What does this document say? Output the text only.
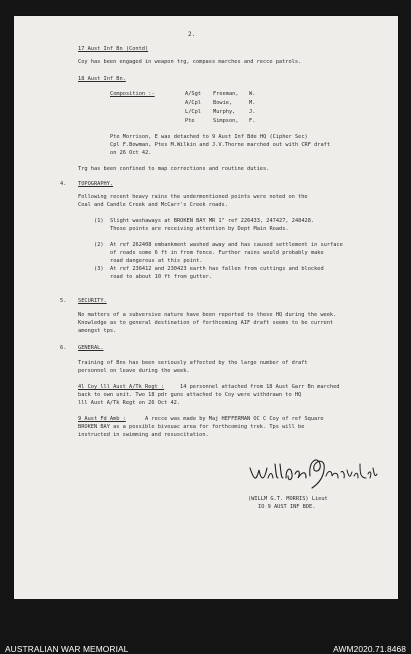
2.
17 Aust Inf Bn (Contd)
Coy has been engaged in weapon trg, compass marches and recce patrols.
18 Aust Inf Bn.
Composition :-	A/Sgt Freeman, W.
A/Cpl Bowie,	M.
L/Cpl Murphy,	J.
Pte	Simpson, F.
Pte Morrison, E was detached to 9 Aust Inf Bde HQ (Cipher Sec)
Cpl F.Bowman, Ptes M.Wilkin and J.V.Thorne marched out with CRF draft
on 26 Oct 42.
Trg has been confined to map corrections and routine duties.
4. TOPOGRAPHY.
Following recent heavy rains the undermentioned points were noted on the
Coal and Candle Creek and McCarr's Creek roads.
(1) Slight washaways at BROKEN BAY MR 1" ref 226433, 247427, 248428.
These points are receiving attention by Dept Main Roads.
(2) At ref 262408 embankment washed away and has caused settlement in surface
of roads some 6 ft in from fence. Further rains would probably make
road dangerous at this point.
(3) At ref 236412 and 230423 earth has fallen from cuttings and blocked
road to about 10 ft from gutter.
5. SECURITY.
No matters of a subversive nature have been reported to these HQ during the week.
Knowledge as to general destination of forthcoming AIF draft seems to be current
amongst tps.
6. GENERAL.
Training of Bns has been seriously affected by the large number of draft
personnel on leave during the week.
4l Coy lll Aust A/Tk Regt :	14 personnel attached from 18 Aust Garr Bn marched
back to own unit. Two 18 pdr guns attached to Coy were withdrawn to HQ
lll Aust A/Tk Regt on 26 Oct 42.
9 Aust Fd Amb :	A recce was made by Maj HEFFERMAN OC C Coy of ref Square
BROKEN BAY as a possible bivouac area for forthcoming trek. Tps will be
instructed in swimming and resuscitation.
(WILLM G.T. MORRIS) Lieut
IO 9 AUST INF BDE.
AUSTRALIAN WAR MEMORIAL	AWM2020.71.8468
